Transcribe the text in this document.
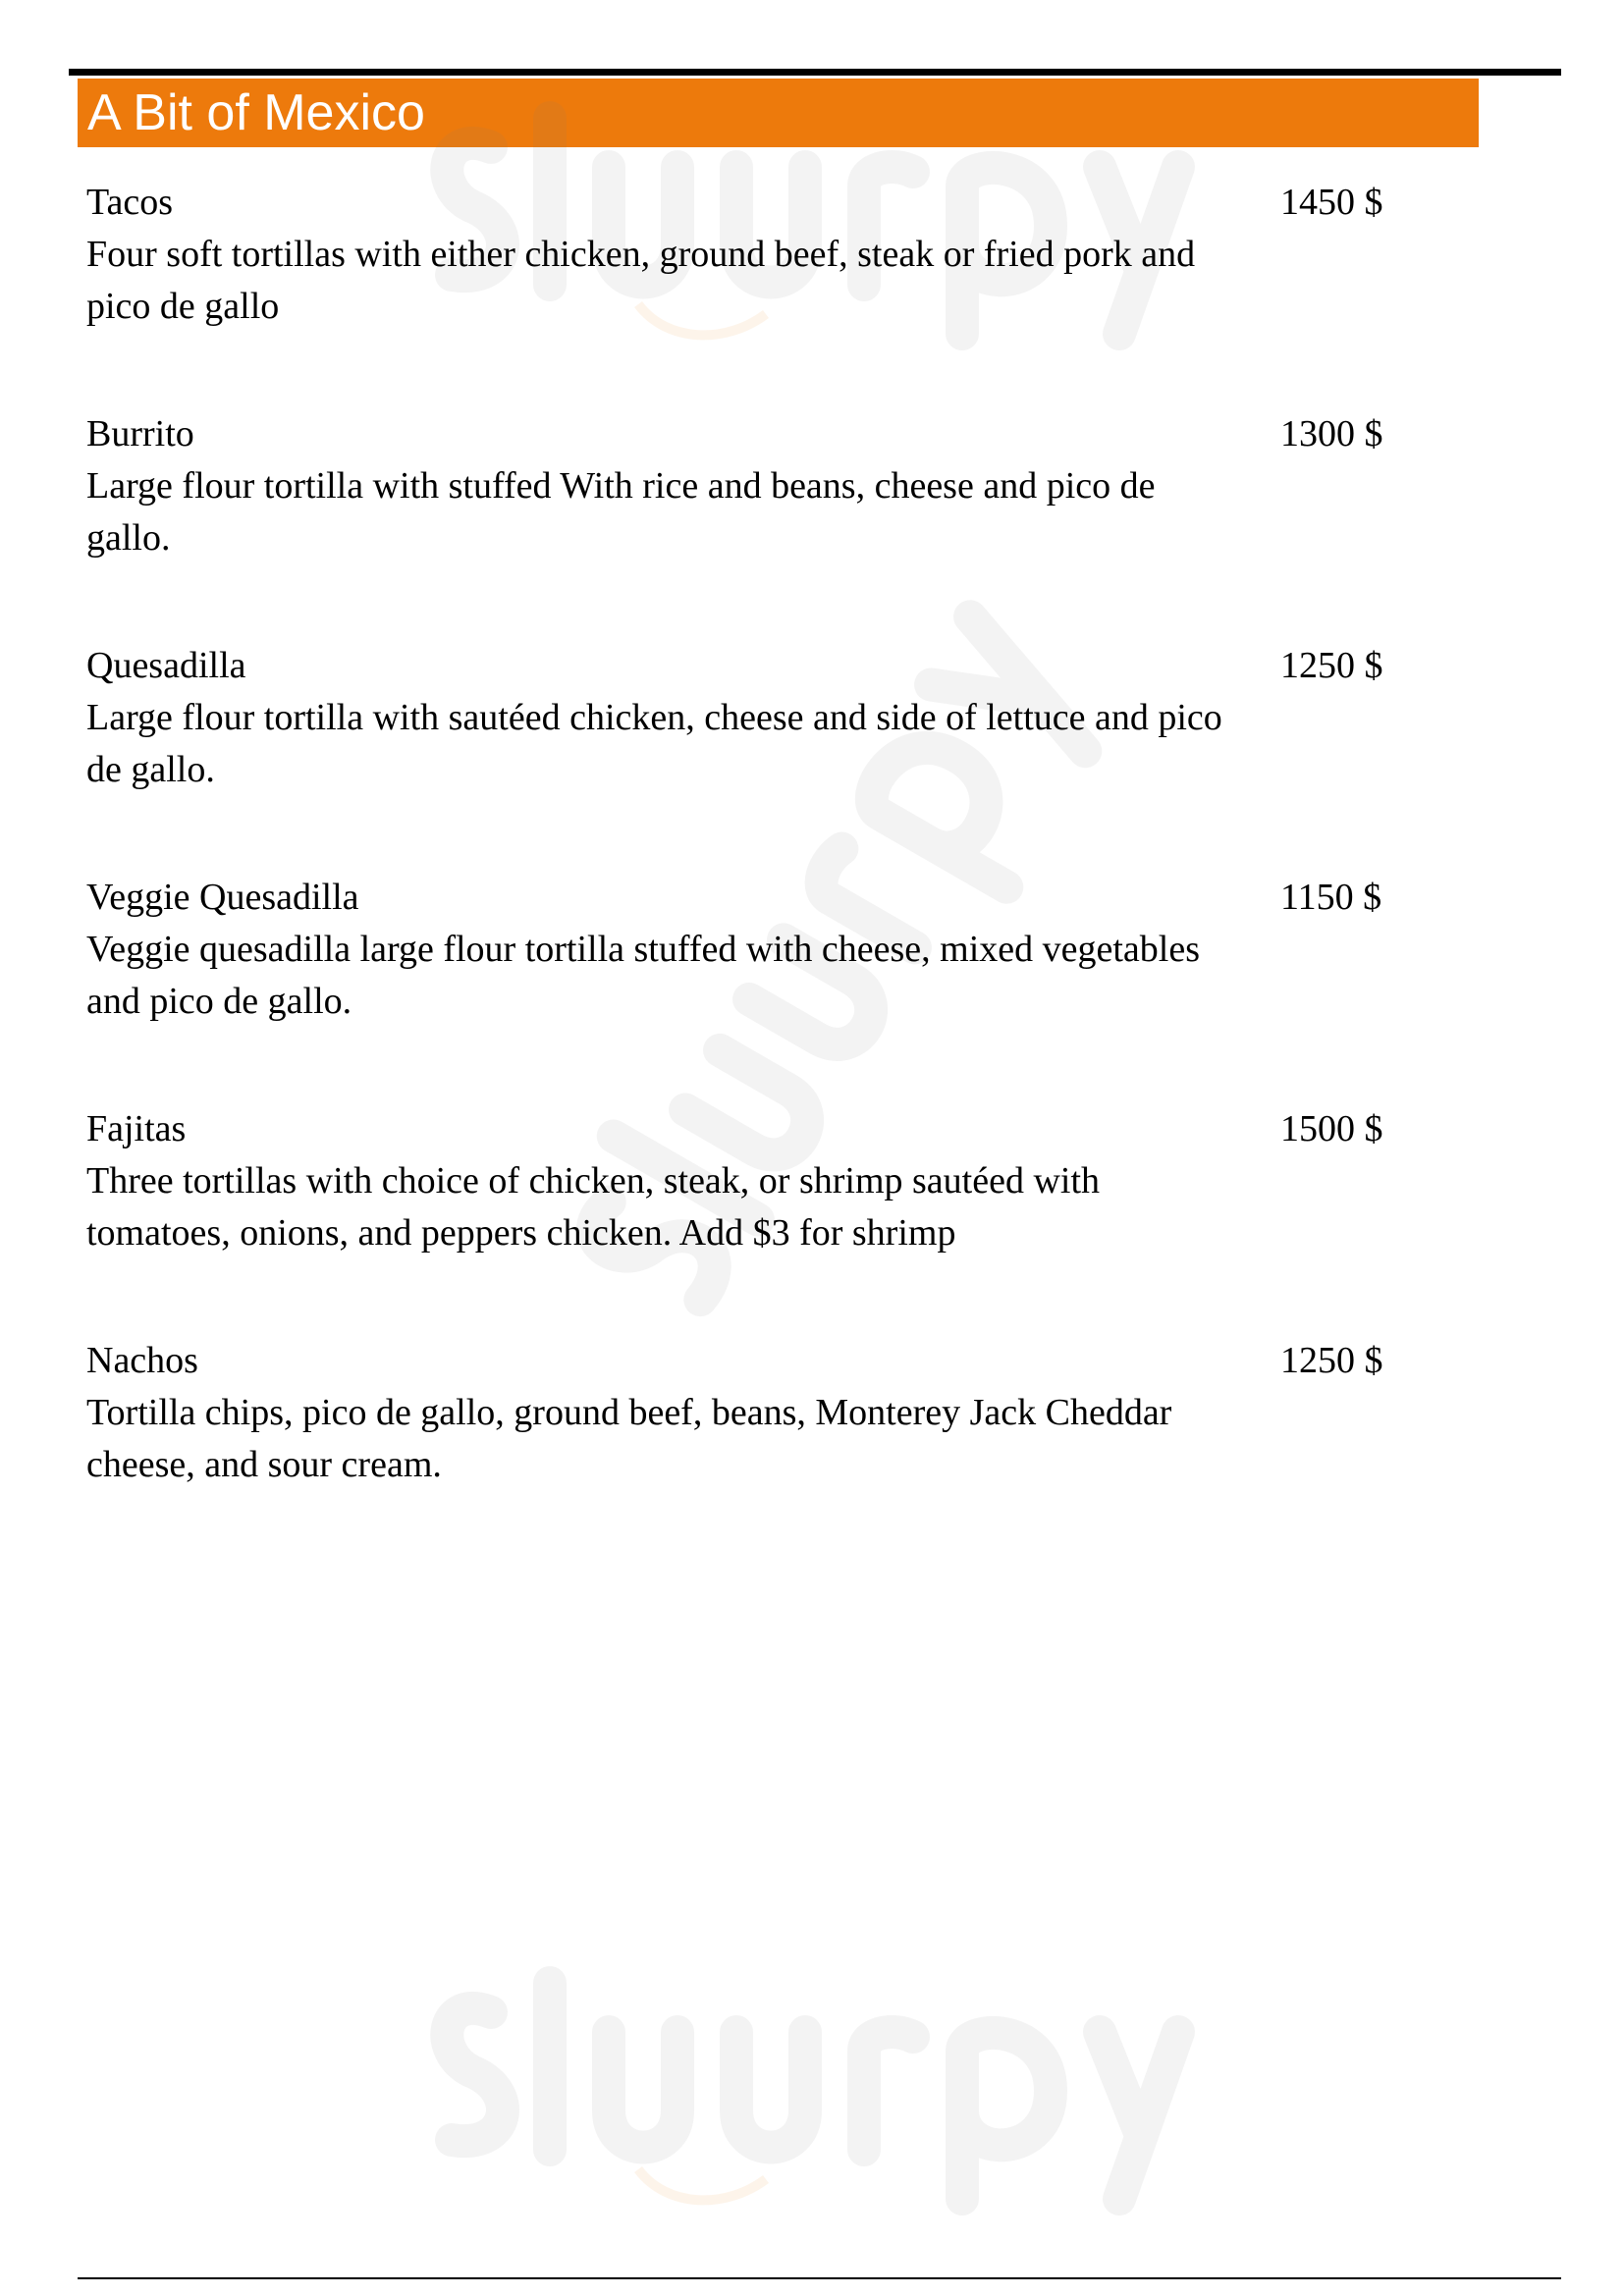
A Bit of Mexico
Tacos
Four soft tortillas with either chicken, ground beef, steak or fried pork and pico de gallo
1450 $
Burrito
Large flour tortilla with stuffed With rice and beans, cheese and pico de gallo.
1300 $
Quesadilla
Large flour tortilla with sautéed chicken, cheese and side of lettuce and pico de gallo.
1250 $
Veggie Quesadilla
Veggie quesadilla large flour tortilla stuffed with cheese, mixed vegetables and pico de gallo.
1150 $
Fajitas
Three tortillas with choice of chicken, steak, or shrimp sautéed with tomatoes, onions, and peppers chicken. Add $3 for shrimp
1500 $
Nachos
Tortilla chips, pico de gallo, ground beef, beans, Monterey Jack Cheddar cheese, and sour cream.
1250 $
